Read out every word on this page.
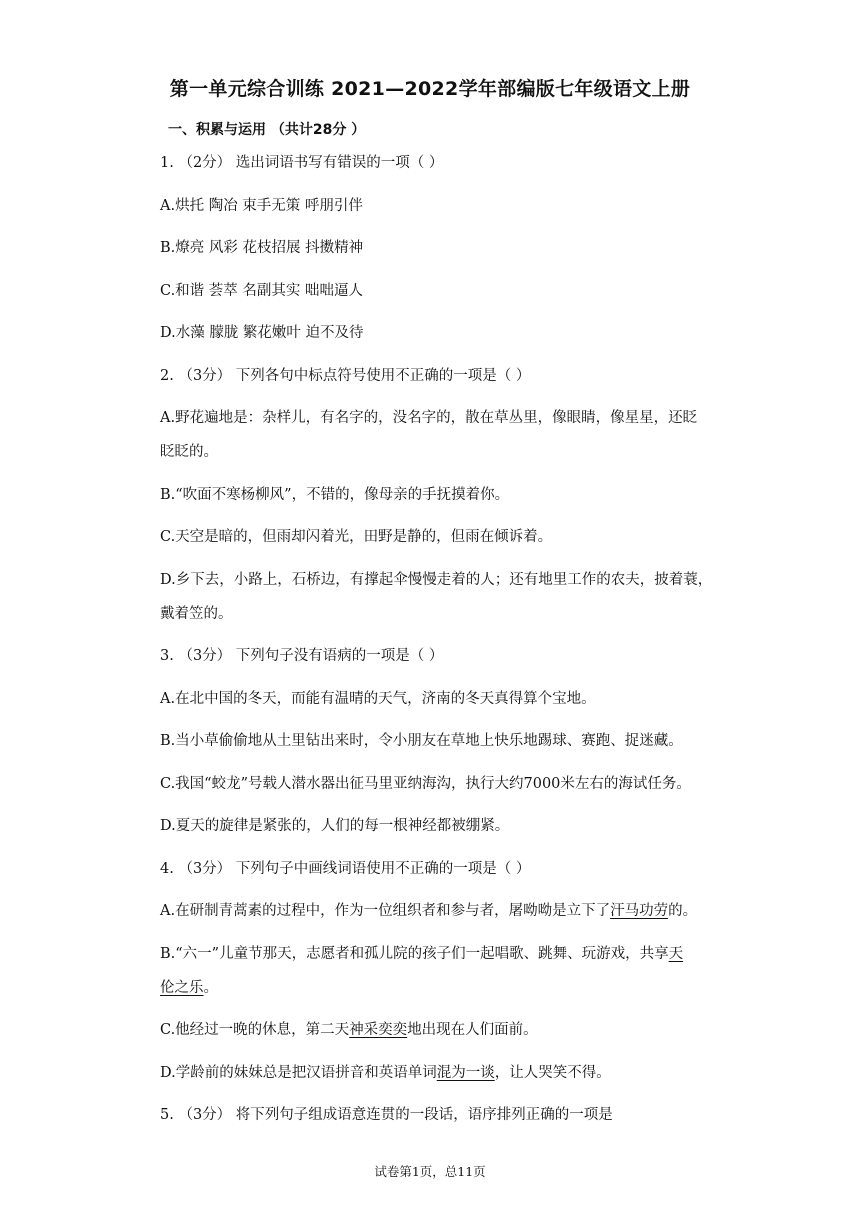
第一单元综合训练 2021—2022学年部编版七年级语文上册
一、积累与运用 （共计28分 ）
1. （2分） 选出词语书写有错误的一项（ ）
A.烘托 陶冶 束手无策 呼朋引伴
B.燎亮 风彩 花枝招展 抖擞精神
C.和谐 荟萃 名副其实 咄咄逼人
D.水藻 朦胧 繁花嫩叶 迫不及待
2. （3分） 下列各句中标点符号使用不正确的一项是（ ）
A.野花遍地是：杂样儿，有名字的，没名字的，散在草丛里，像眼睛，像星星，还眨
眨眨的。
B.“吹面不寒杨柳风”，不错的，像母亲的手抚摸着你。
C.天空是暗的，但雨却闪着光，田野是静的，但雨在倾诉着。
D.乡下去，小路上，石桥边，有撑起伞慢慢走着的人；还有地里工作的农夫，披着蓑，
戴着笠的。
3. （3分） 下列句子没有语病的一项是（ ）
A.在北中国的冬天，而能有温晴的天气，济南的冬天真得算个宝地。
B.当小草偷偷地从土里钻出来时，令小朋友在草地上快乐地踢球、赛跑、捉迷藏。
C.我国“蛟龙”号载人潜水器出征马里亚纳海沟，执行大约7000米左右的海试任务。
D.夏天的旋律是紧张的，人们的每一根神经都被绷紧。
4. （3分） 下列句子中画线词语使用不正确的一项是（ ）
A.在研制青蒿素的过程中，作为一位组织者和参与者，屠呦呦是立下了汗马功劳的。
B.“六一”儿童节那天，志愿者和孤儿院的孩子们一起唱歌、跳舞、玩游戏，共享天
伦之乐。
C.他经过一晚的休息，第二天神采奕奕地出现在人们面前。
D.学龄前的妹妹总是把汉语拼音和英语单词混为一谈，让人哭笑不得。
5. （3分） 将下列句子组成语意连贯的一段话，语序排列正确的一项是
试卷第1页，总11页
